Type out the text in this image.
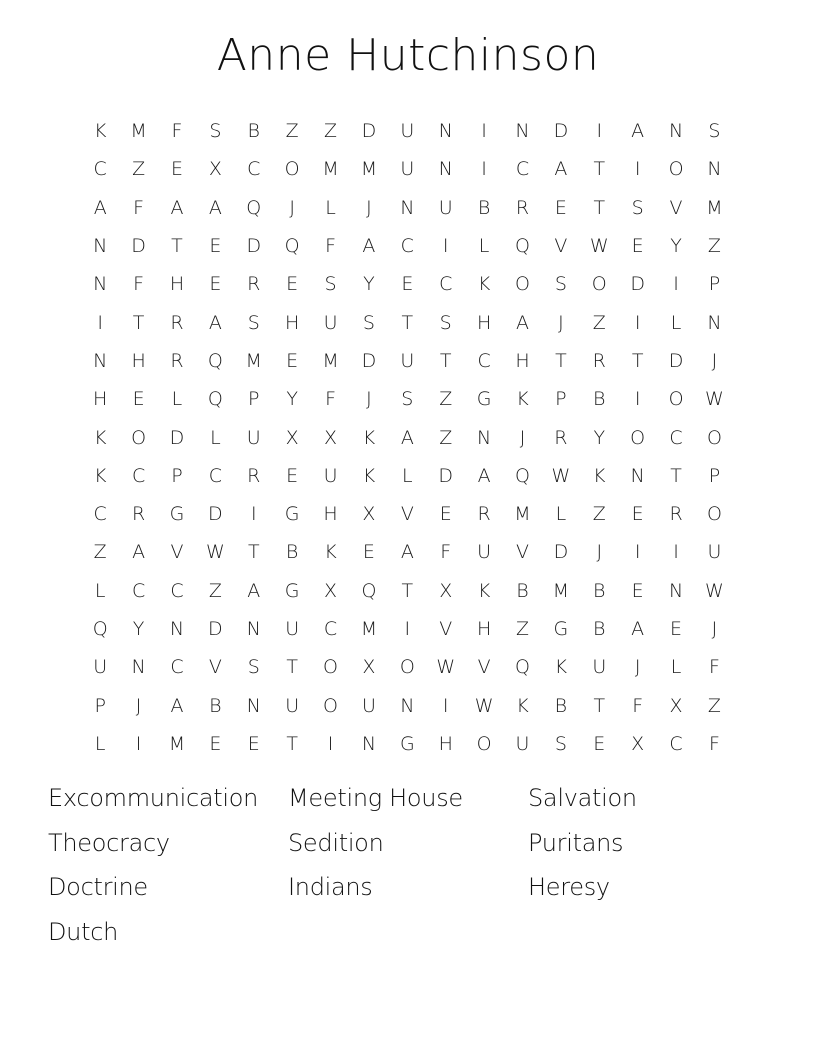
Anne Hutchinson
K	M	F	S	B	Z	Z	D	U	N	I	N	D	I	A	N	S
C	Z	E	X	C	O	M	M	U	N	I	C	A	T	I	O	N
A	F	A	A	Q	J	L	J	N	U	B	R	E	T	S	V	M
N	D	T	E	D	Q	F	A	C	I	L	Q	V	W	E	Y	Z
N	F	H	E	R	E	S	Y	E	C	K	O	S	O	D	I	P
I	T	R	A	S	H	U	S	T	S	H	A	J	Z	I	L	N
N	H	R	Q	M	E	M	D	U	T	C	H	T	R	T	D	J
H	E	L	Q	P	Y	F	J	S	Z	G	K	P	B	I	O	W
K	O	D	L	U	X	X	K	A	Z	N	J	R	Y	O	C	O
K	C	P	C	R	E	U	K	L	D	A	Q	W	K	N	T	P
C	R	G	D	I	G	H	X	V	E	R	M	L	Z	E	R	O
Z	A	V	W	T	B	K	E	A	F	U	V	D	J	I	I	U
L	C	C	Z	A	G	X	Q	T	X	K	B	M	B	E	N	W
Q	Y	N	D	N	U	C	M	I	V	H	Z	G	B	A	E	J
U	N	C	V	S	T	O	X	O	W	V	Q	K	U	J	L	F
P	J	A	B	N	U	O	U	N	I	W	K	B	T	F	X	Z
L	I	M	E	E	T	I	N	G	H	O	U	S	E	X	C	F
Excommunication	Meeting House	Salvation
Theocracy	Sedition	Puritans
Doctrine	Indians	Heresy
Dutch
